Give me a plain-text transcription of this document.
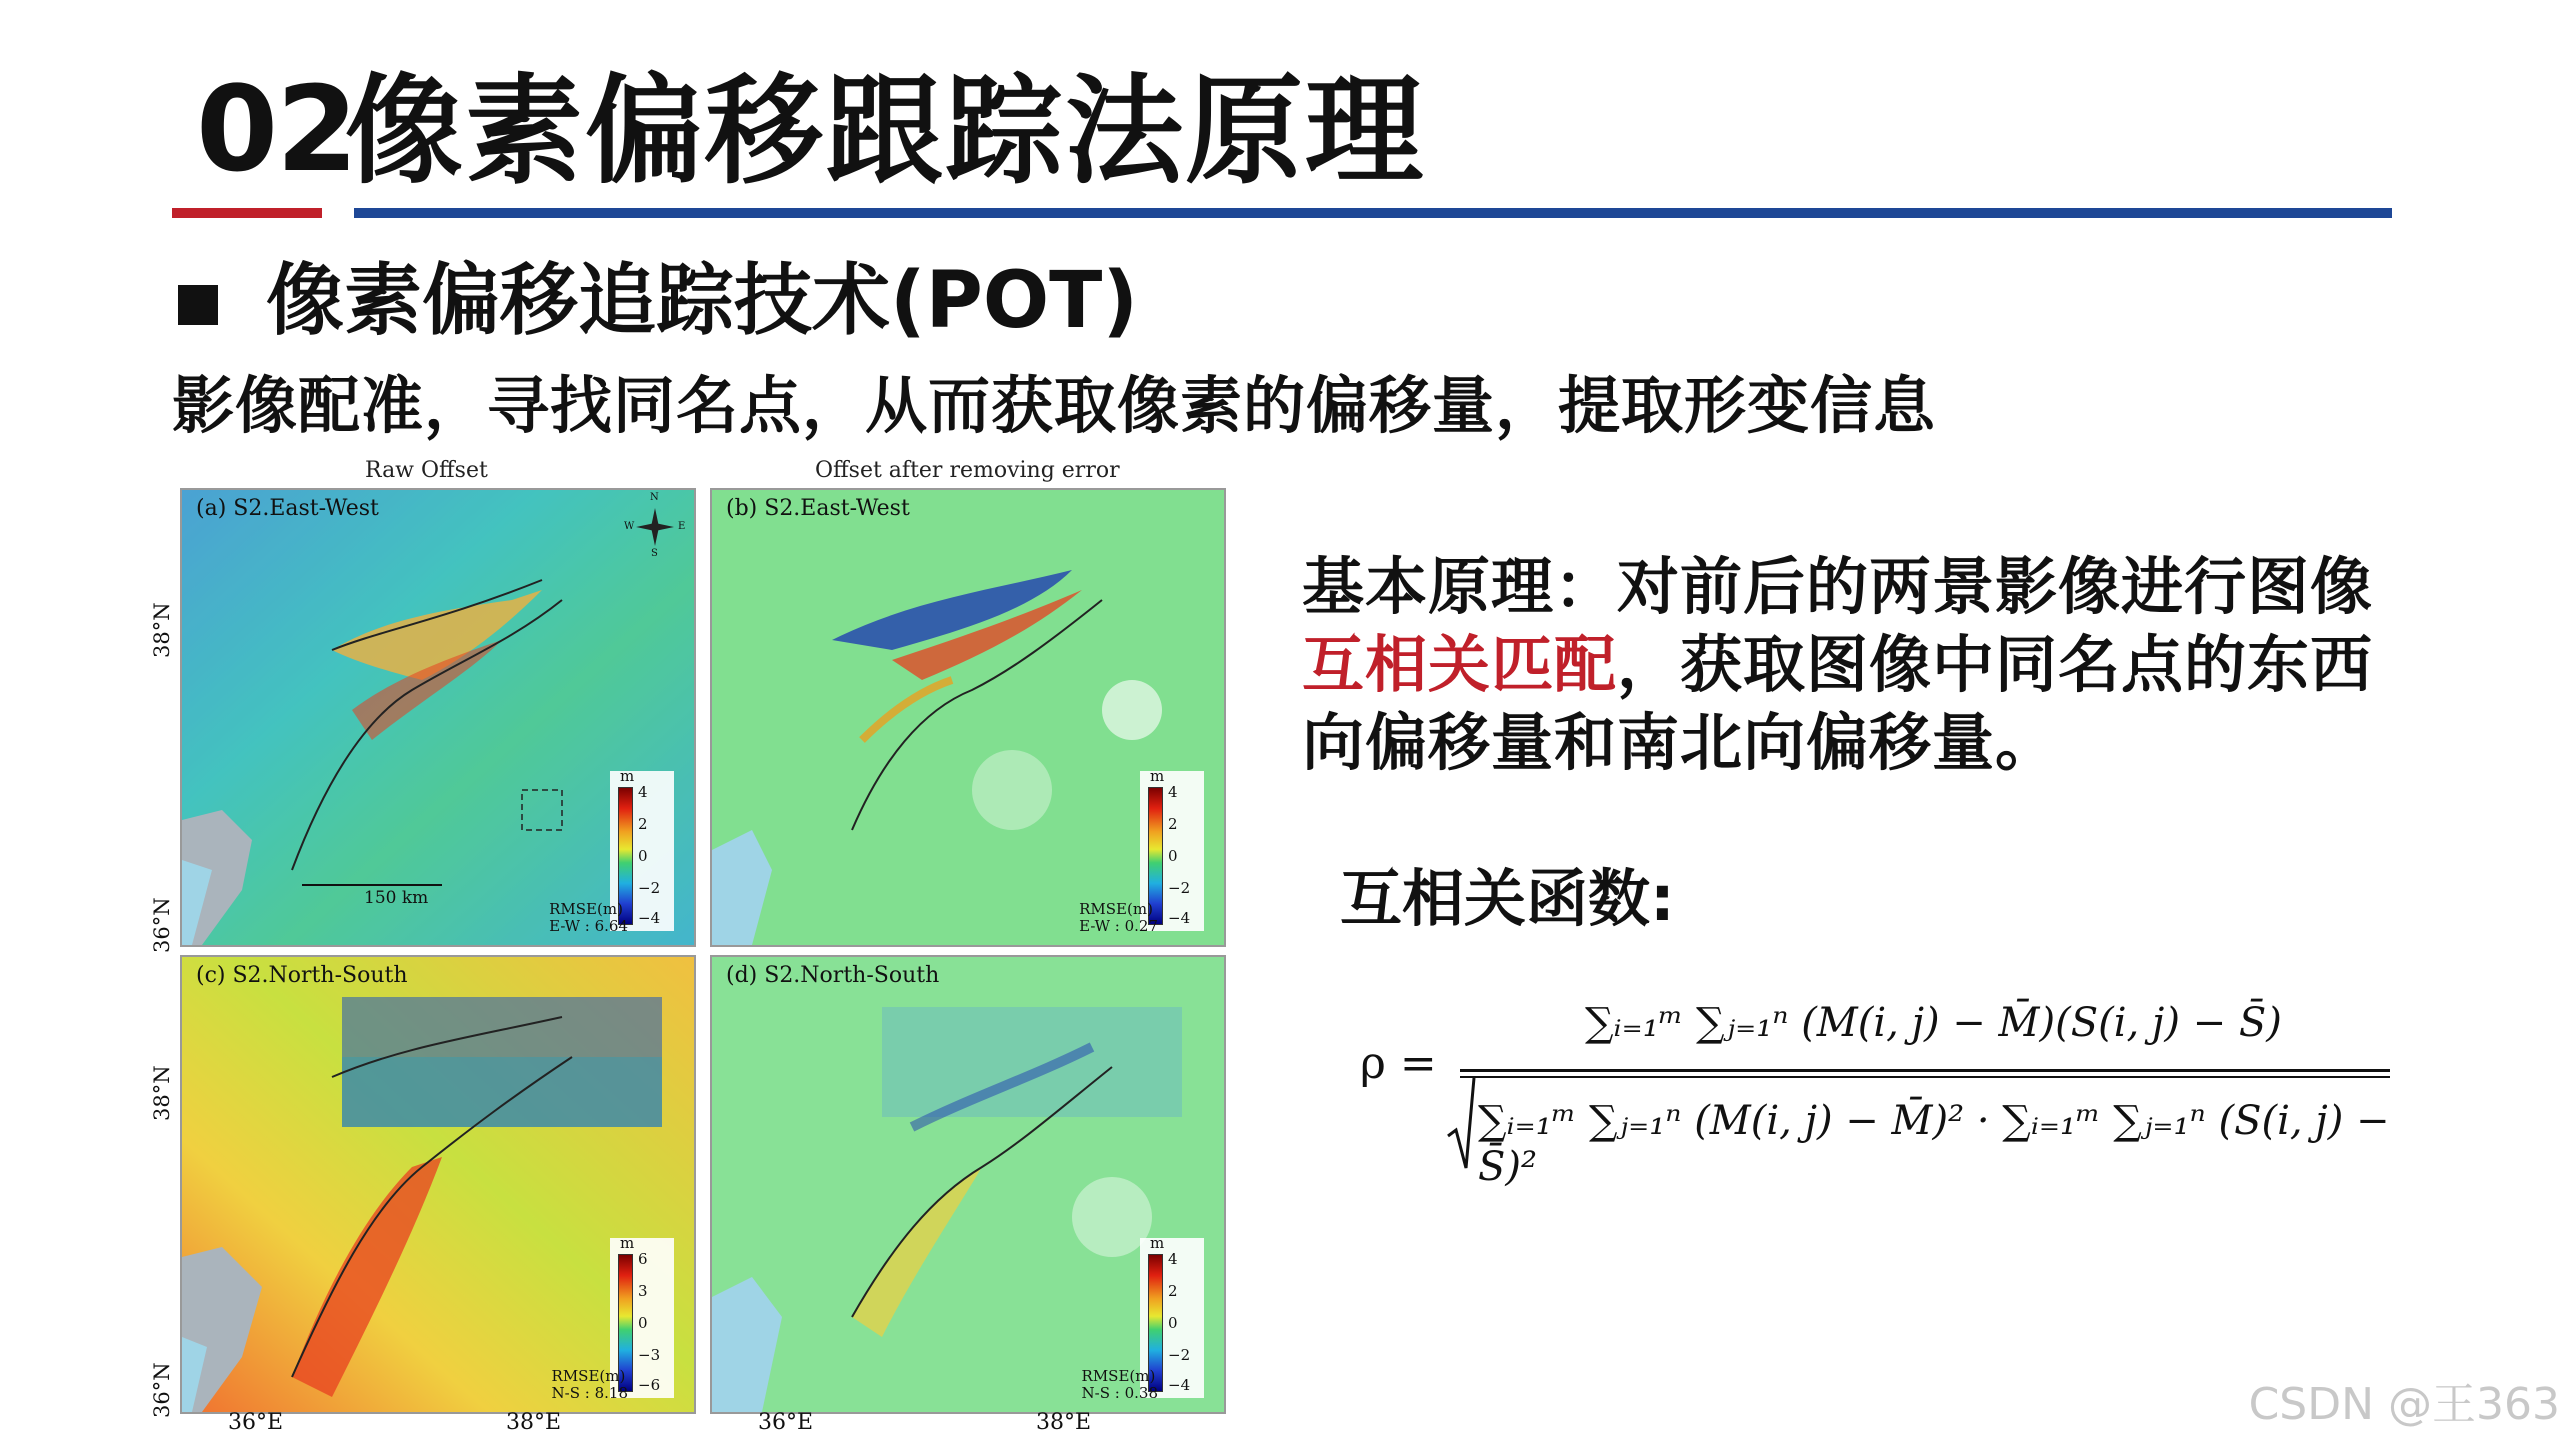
02
像素偏移跟踪法原理
像素偏移追踪技术(POT)
影像配准，寻找同名点，从而获取像素的偏移量，提取形变信息
Raw Offset	Offset after removing error
(a) S2.East-West
150 km
N
W	E
S
m
4
2
0
−2
−4
RMSE(m)
E-W : 6.64
(b) S2.East-West
m
4
2
0
−2
−4
RMSE(m)
E-W : 0.27
(c) S2.North-South
m
6
3
0
−3
−6
RMSE(m)
N-S : 8.18
(d) S2.North-South
m
4
2
0
−2
−4
RMSE(m)
N-S : 0.38
38°N
36°N
38°N
36°N
36°E	38°E	36°E	38°E
基本原理：对前后的两景影像进行图像
互相关匹配，获取图像中同名点的东西
向偏移量和南北向偏移量。
互相关函数:
ρ =
∑ᵢ₌₁ᵐ ∑ⱼ₌₁ⁿ (M(i, j) − M̄)(S(i, j) − S̄)
∑ᵢ₌₁ᵐ ∑ⱼ₌₁ⁿ (M(i, j) − M̄)² · ∑ᵢ₌₁ᵐ ∑ⱼ₌₁ⁿ (S(i, j) − S̄)²
CSDN @王363
